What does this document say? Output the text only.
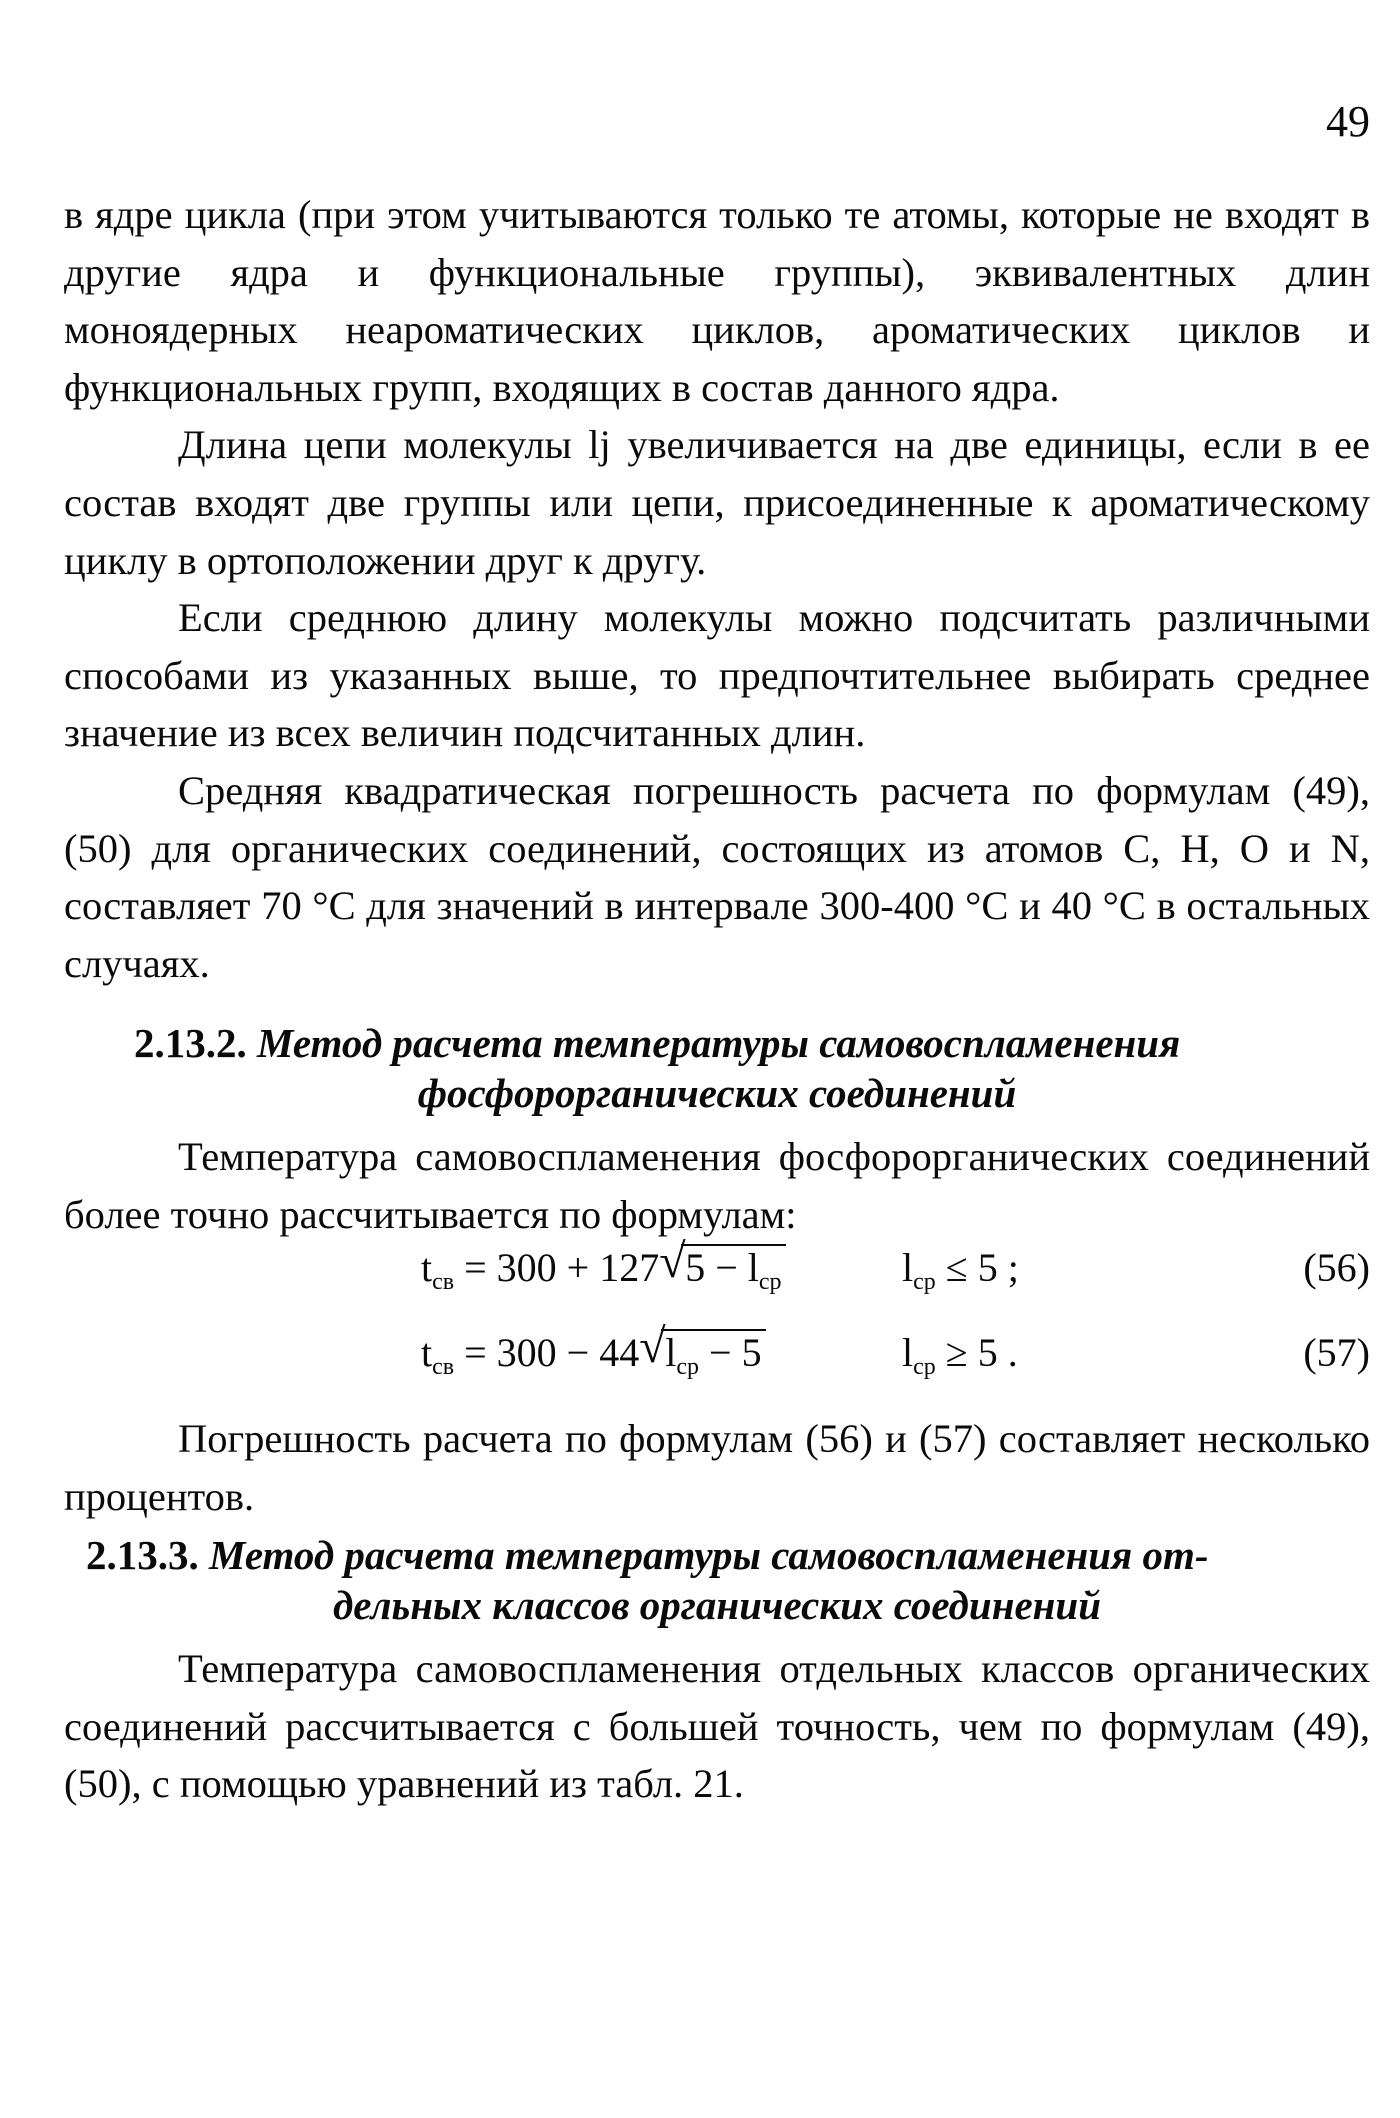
49

в ядре цикла (при этом учитываются только те атомы, которые не входят в другие ядра и функциональные группы), эквивалентных длин моноядерных неароматических циклов, ароматических циклов и функциональных групп, входящих в состав данного ядра.

Длина цепи молекулы lj увеличивается на две единицы, если в ее состав входят две группы или цепи, присоединенные к ароматическому циклу в ортоположении друг к другу.

Если среднюю длину молекулы можно подсчитать различными способами из указанных выше, то предпочтительнее выбирать среднее значение из всех величин подсчитанных длин.

Средняя квадратическая погрешность расчета по формулам (49), (50) для органических соединений, состоящих из атомов С, Н, О и N, составляет 70 °С для значений в интервале 300-400 °С и 40 °С в остальных случаях.

2.13.2. Метод расчета температуры самовоспламенения
фосфорорганических соединений

Температура самовоспламенения фосфорорганических соединений более точно рассчитывается по формулам:

$t_{св} = 300 + 127$ √ $5 - l_{ср}$	$l_{ср} \le 5$ ;	(56)
$t_{св} = 300 - 44$ √ $l_{ср} - 5$	$l_{ср} \ge 5$ .	(57)

Погрешность расчета по формулам (56) и (57) составляет несколько процентов.

2.13.3. Метод расчета температуры самовоспламенения от-
дельных классов органических соединений

Температура самовоспламенения отдельных классов органических соединений рассчитывается с большей точность, чем по формулам (49), (50), с помощью уравнений из табл. 21.
